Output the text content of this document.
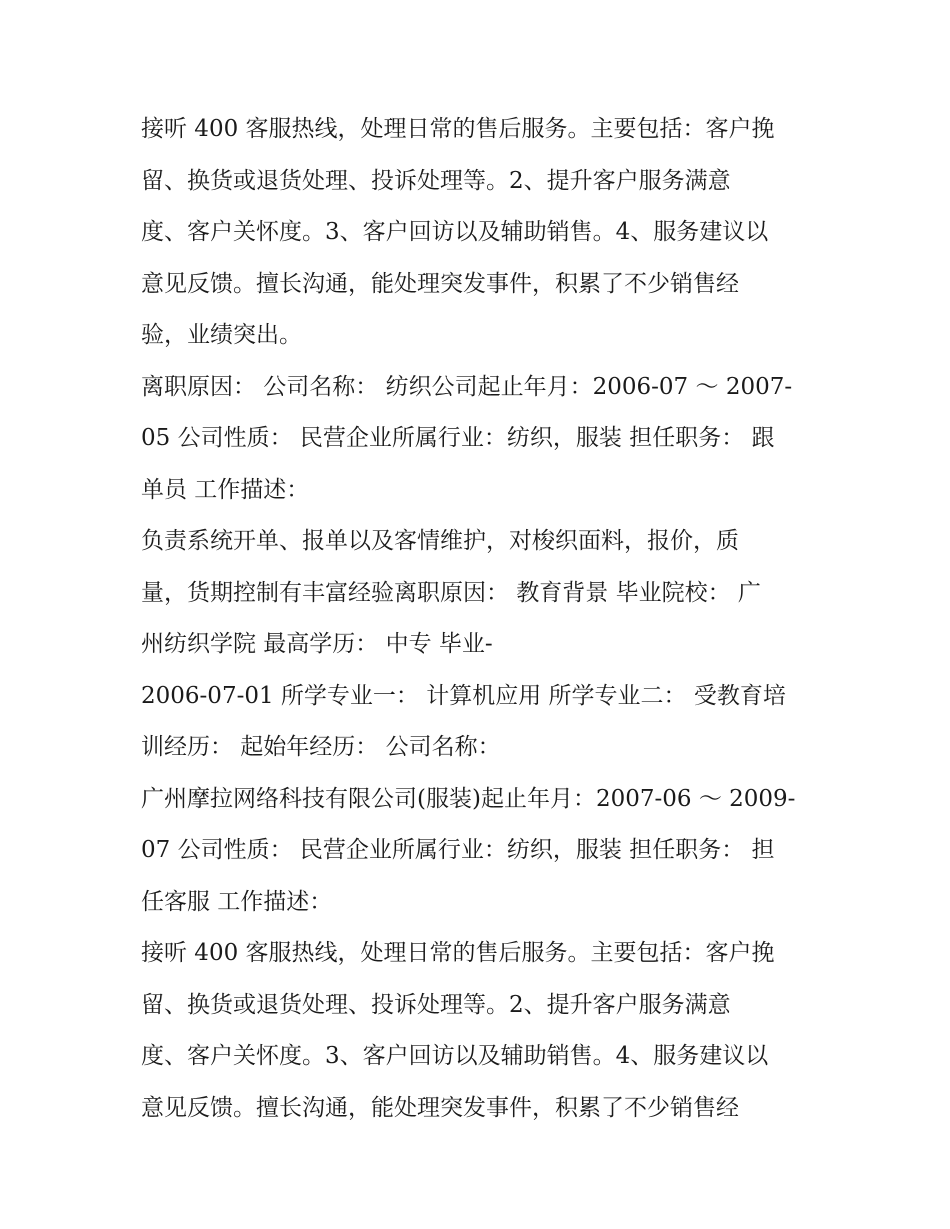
接听 400 客服热线，处理日常的售后服务。主要包括：客户挽
留、换货或退货处理、投诉处理等。2、提升客户服务满意
度、客户关怀度。3、客户回访以及辅助销售。4、服务建议以
意见反馈。擅长沟通，能处理突发事件，积累了不少销售经
验，业绩突出。
离职原因： 公司名称： 纺织公司起止年月：2006-07 ～ 2007-
05 公司性质： 民营企业所属行业：纺织，服装 担任职务： 跟
单员 工作描述：
负责系统开单、报单以及客情维护，对梭织面料，报价，质
量，货期控制有丰富经验离职原因： 教育背景 毕业院校： 广
州纺织学院 最高学历： 中专 毕业-
2006-07-01 所学专业一： 计算机应用 所学专业二： 受教育培
训经历： 起始年经历： 公司名称：
广州摩拉网络科技有限公司(服装)起止年月：2007-06 ～ 2009-
07 公司性质： 民营企业所属行业：纺织，服装 担任职务： 担
任客服 工作描述：
接听 400 客服热线，处理日常的售后服务。主要包括：客户挽
留、换货或退货处理、投诉处理等。2、提升客户服务满意
度、客户关怀度。3、客户回访以及辅助销售。4、服务建议以
意见反馈。擅长沟通，能处理突发事件，积累了不少销售经
